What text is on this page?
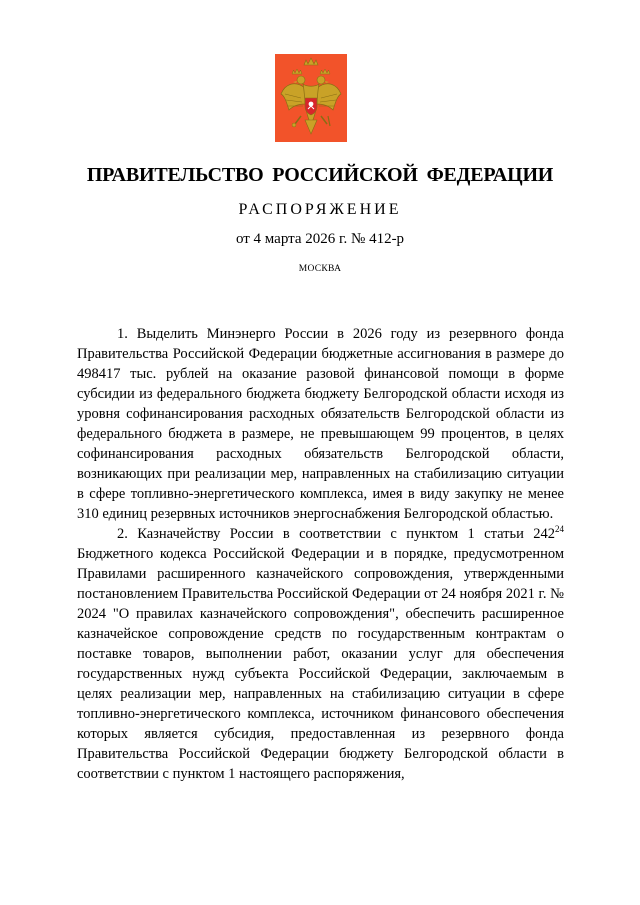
ПРАВИТЕЛЬСТВО РОССИЙСКОЙ ФЕДЕРАЦИИ
РАСПОРЯЖЕНИЕ
от 4 марта 2026 г. № 412-р
МОСКВА

1. Выделить Минэнерго России в 2026 году из резервного фонда Правительства Российской Федерации бюджетные ассигнования в размере до 498417 тыс. рублей на оказание разовой финансовой помощи в форме субсидии из федерального бюджета бюджету Белгородской области исходя из уровня софинансирования расходных обязательств Белгородской области из федерального бюджета в размере, не превышающем 99 процентов, в целях софинансирования расходных обязательств Белгородской области, возникающих при реализации мер, направленных на стабилизацию ситуации в сфере топливно-энергетического комплекса, имея в виду закупку не менее 310 единиц резервных источников энергоснабжения Белгородской областью.

2. Казначейству России в соответствии с пунктом 1 статьи $242^{24}$ Бюджетного кодекса Российской Федерации и в порядке, предусмотренном Правилами расширенного казначейского сопровождения, утвержденными постановлением Правительства Российской Федерации от 24 ноября 2021 г. № 2024 "О правилах казначейского сопровождения", обеспечить расширенное казначейское сопровождение средств по государственным контрактам о поставке товаров, выполнении работ, оказании услуг для обеспечения государственных нужд субъекта Российской Федерации, заключаемым в целях реализации мер, направленных на стабилизацию ситуации в сфере топливно-энергетического комплекса, источником финансового обеспечения которых является субсидия, предоставленная из резервного фонда Правительства Российской Федерации бюджету Белгородской области в соответствии с пунктом 1 настоящего распоряжения,
